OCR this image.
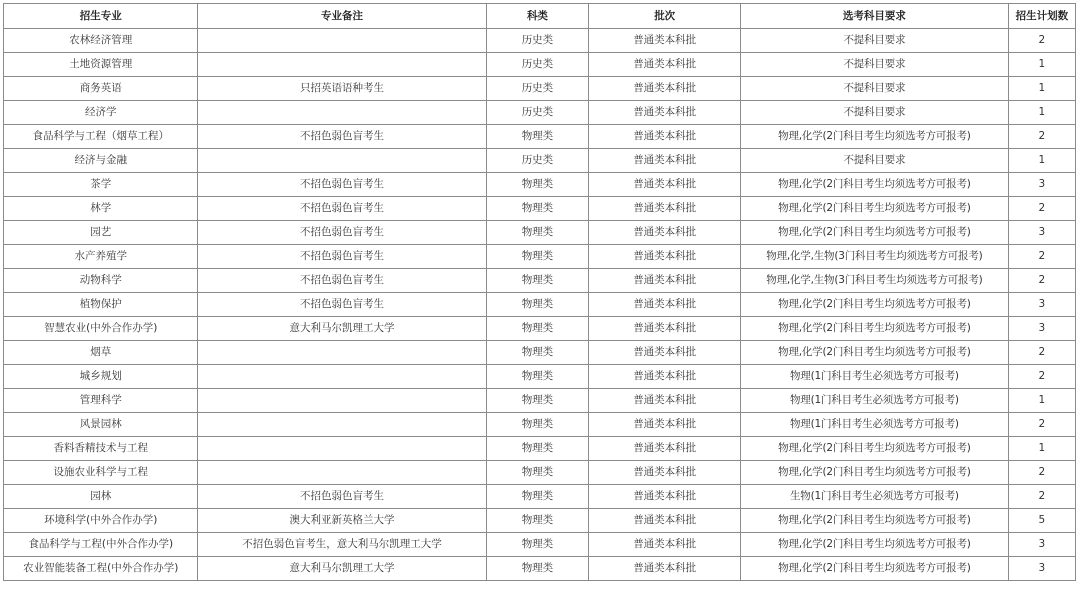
招生专业	专业备注	科类	批次	选考科目要求	招生计划数
农林经济管理		历史类	普通类本科批	不提科目要求	2
土地资源管理		历史类	普通类本科批	不提科目要求	1
商务英语	只招英语语种考生	历史类	普通类本科批	不提科目要求	1
经济学		历史类	普通类本科批	不提科目要求	1
食品科学与工程（烟草工程）	不招色弱色盲考生	物理类	普通类本科批	物理,化学(2门科目考生均须选考方可报考)	2
经济与金融		历史类	普通类本科批	不提科目要求	1
茶学	不招色弱色盲考生	物理类	普通类本科批	物理,化学(2门科目考生均须选考方可报考)	3
林学	不招色弱色盲考生	物理类	普通类本科批	物理,化学(2门科目考生均须选考方可报考)	2
园艺	不招色弱色盲考生	物理类	普通类本科批	物理,化学(2门科目考生均须选考方可报考)	3
水产养殖学	不招色弱色盲考生	物理类	普通类本科批	物理,化学,生物(3门科目考生均须选考方可报考)	2
动物科学	不招色弱色盲考生	物理类	普通类本科批	物理,化学,生物(3门科目考生均须选考方可报考)	2
植物保护	不招色弱色盲考生	物理类	普通类本科批	物理,化学(2门科目考生均须选考方可报考)	3
智慧农业(中外合作办学)	意大利马尔凯理工大学	物理类	普通类本科批	物理,化学(2门科目考生均须选考方可报考)	3
烟草		物理类	普通类本科批	物理,化学(2门科目考生均须选考方可报考)	2
城乡规划		物理类	普通类本科批	物理(1门科目考生必须选考方可报考)	2
管理科学		物理类	普通类本科批	物理(1门科目考生必须选考方可报考)	1
风景园林		物理类	普通类本科批	物理(1门科目考生必须选考方可报考)	2
香料香精技术与工程		物理类	普通类本科批	物理,化学(2门科目考生均须选考方可报考)	1
设施农业科学与工程		物理类	普通类本科批	物理,化学(2门科目考生均须选考方可报考)	2
园林	不招色弱色盲考生	物理类	普通类本科批	生物(1门科目考生必须选考方可报考)	2
环境科学(中外合作办学)	澳大利亚新英格兰大学	物理类	普通类本科批	物理,化学(2门科目考生均须选考方可报考)	5
食品科学与工程(中外合作办学)	不招色弱色盲考生，意大利马尔凯理工大学	物理类	普通类本科批	物理,化学(2门科目考生均须选考方可报考)	3
农业智能装备工程(中外合作办学)	意大利马尔凯理工大学	物理类	普通类本科批	物理,化学(2门科目考生均须选考方可报考)	3
